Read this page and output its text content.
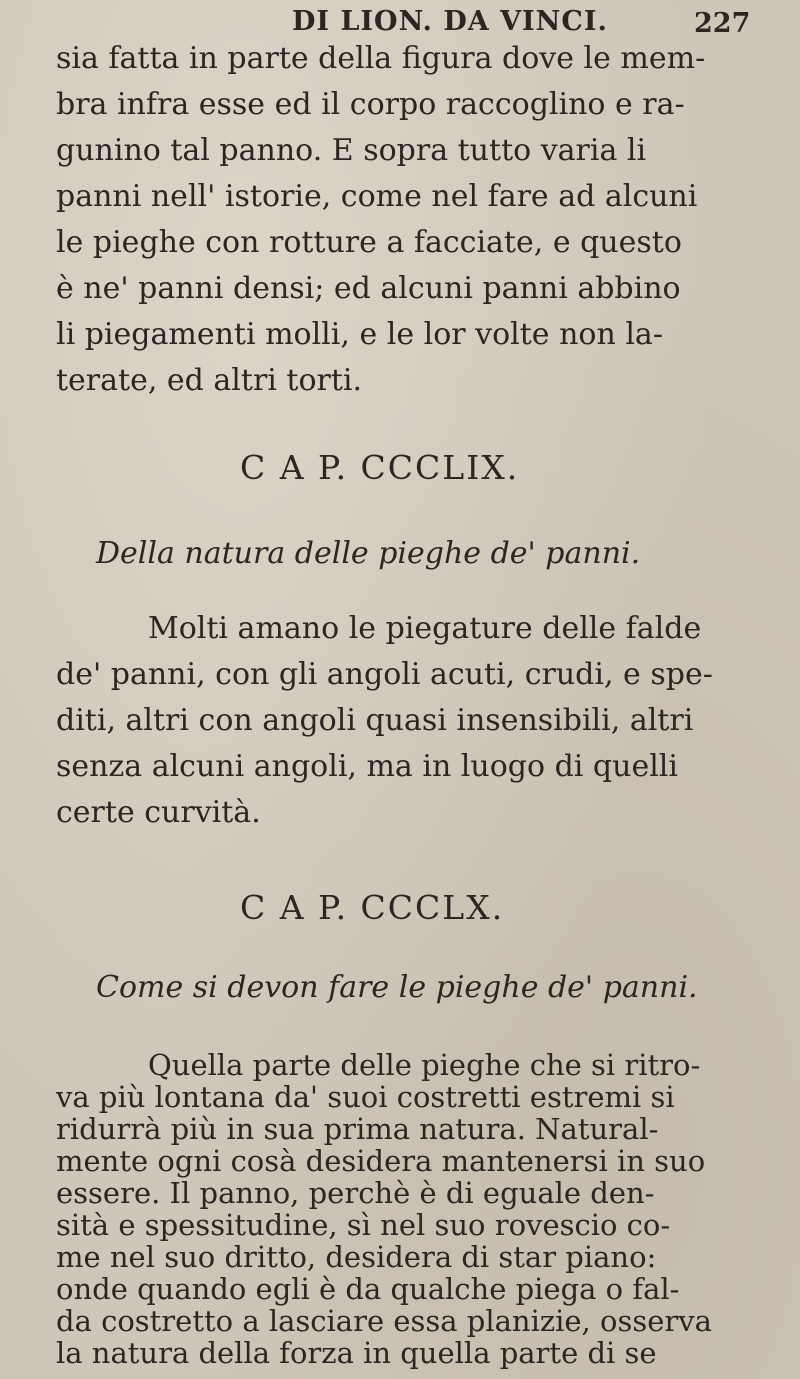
DI LION. DA VINCI.	227
sia fatta in parte della figura dove le mem-
bra infra esse ed il corpo raccoglino e ra-
gunino tal panno. E sopra tutto varia li
panni nell' istorie, come nel fare ad alcuni
le pieghe con rotture a facciate, e questo
è ne' panni densi; ed alcuni panni abbino
li piegamenti molli, e le lor volte non la-
terate, ed altri torti.
C A P. CCCLIX.
Della natura delle pieghe de' panni.
Molti amano le piegature delle falde
de' panni, con gli angoli acuti, crudi, e spe-
diti, altri con angoli quasi insensibili, altri
senza alcuni angoli, ma in luogo di quelli
certe curvità.
C A P. CCCLX.
Come si devon fare le pieghe de' panni.
Quella parte delle pieghe che si ritro-
va più lontana da' suoi costretti estremi si
ridurrà più in sua prima natura. Natural-
mente ogni cosà desidera mantenersi in suo
essere. Il panno, perchè è di eguale den-
sità e spessitudine, sì nel suo rovescio co-
me nel suo dritto, desidera di star piano:
onde quando egli è da qualche piega o fal-
da costretto a lasciare essa planizie, osserva
la natura della forza in quella parte di se
